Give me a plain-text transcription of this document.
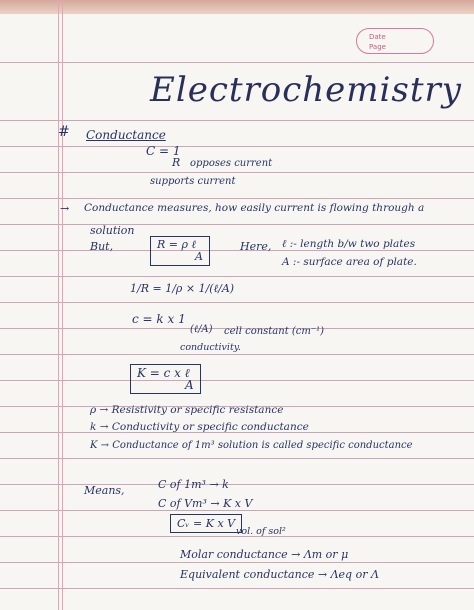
Date
Page
Electrochemistry
# Conductance
C = 1
R opposes current
supports current
→ Conductance measures, how easily current is flowing through a
solution
But,	R = ρ ℓ
A
Here, ℓ :- length b/w two plates
A :- surface area of plate.
1/R = 1/ρ × 1/(ℓ/A)
c = k x 1
(ℓ/A) cell constant (cm⁻¹)
conductivity.
K = c x ℓ
A
ρ → Resistivity or specific resistance
k → Conductivity or specific conductance
K → Conductance of 1m³ solution is called specific conductance
Means,	C of 1m³ → k
C of Vm³ → K x V
Cᵥ = K x V
vol. of sol²
Molar conductance → Λm or μ
Equivalent conductance → Λeq or Λ
